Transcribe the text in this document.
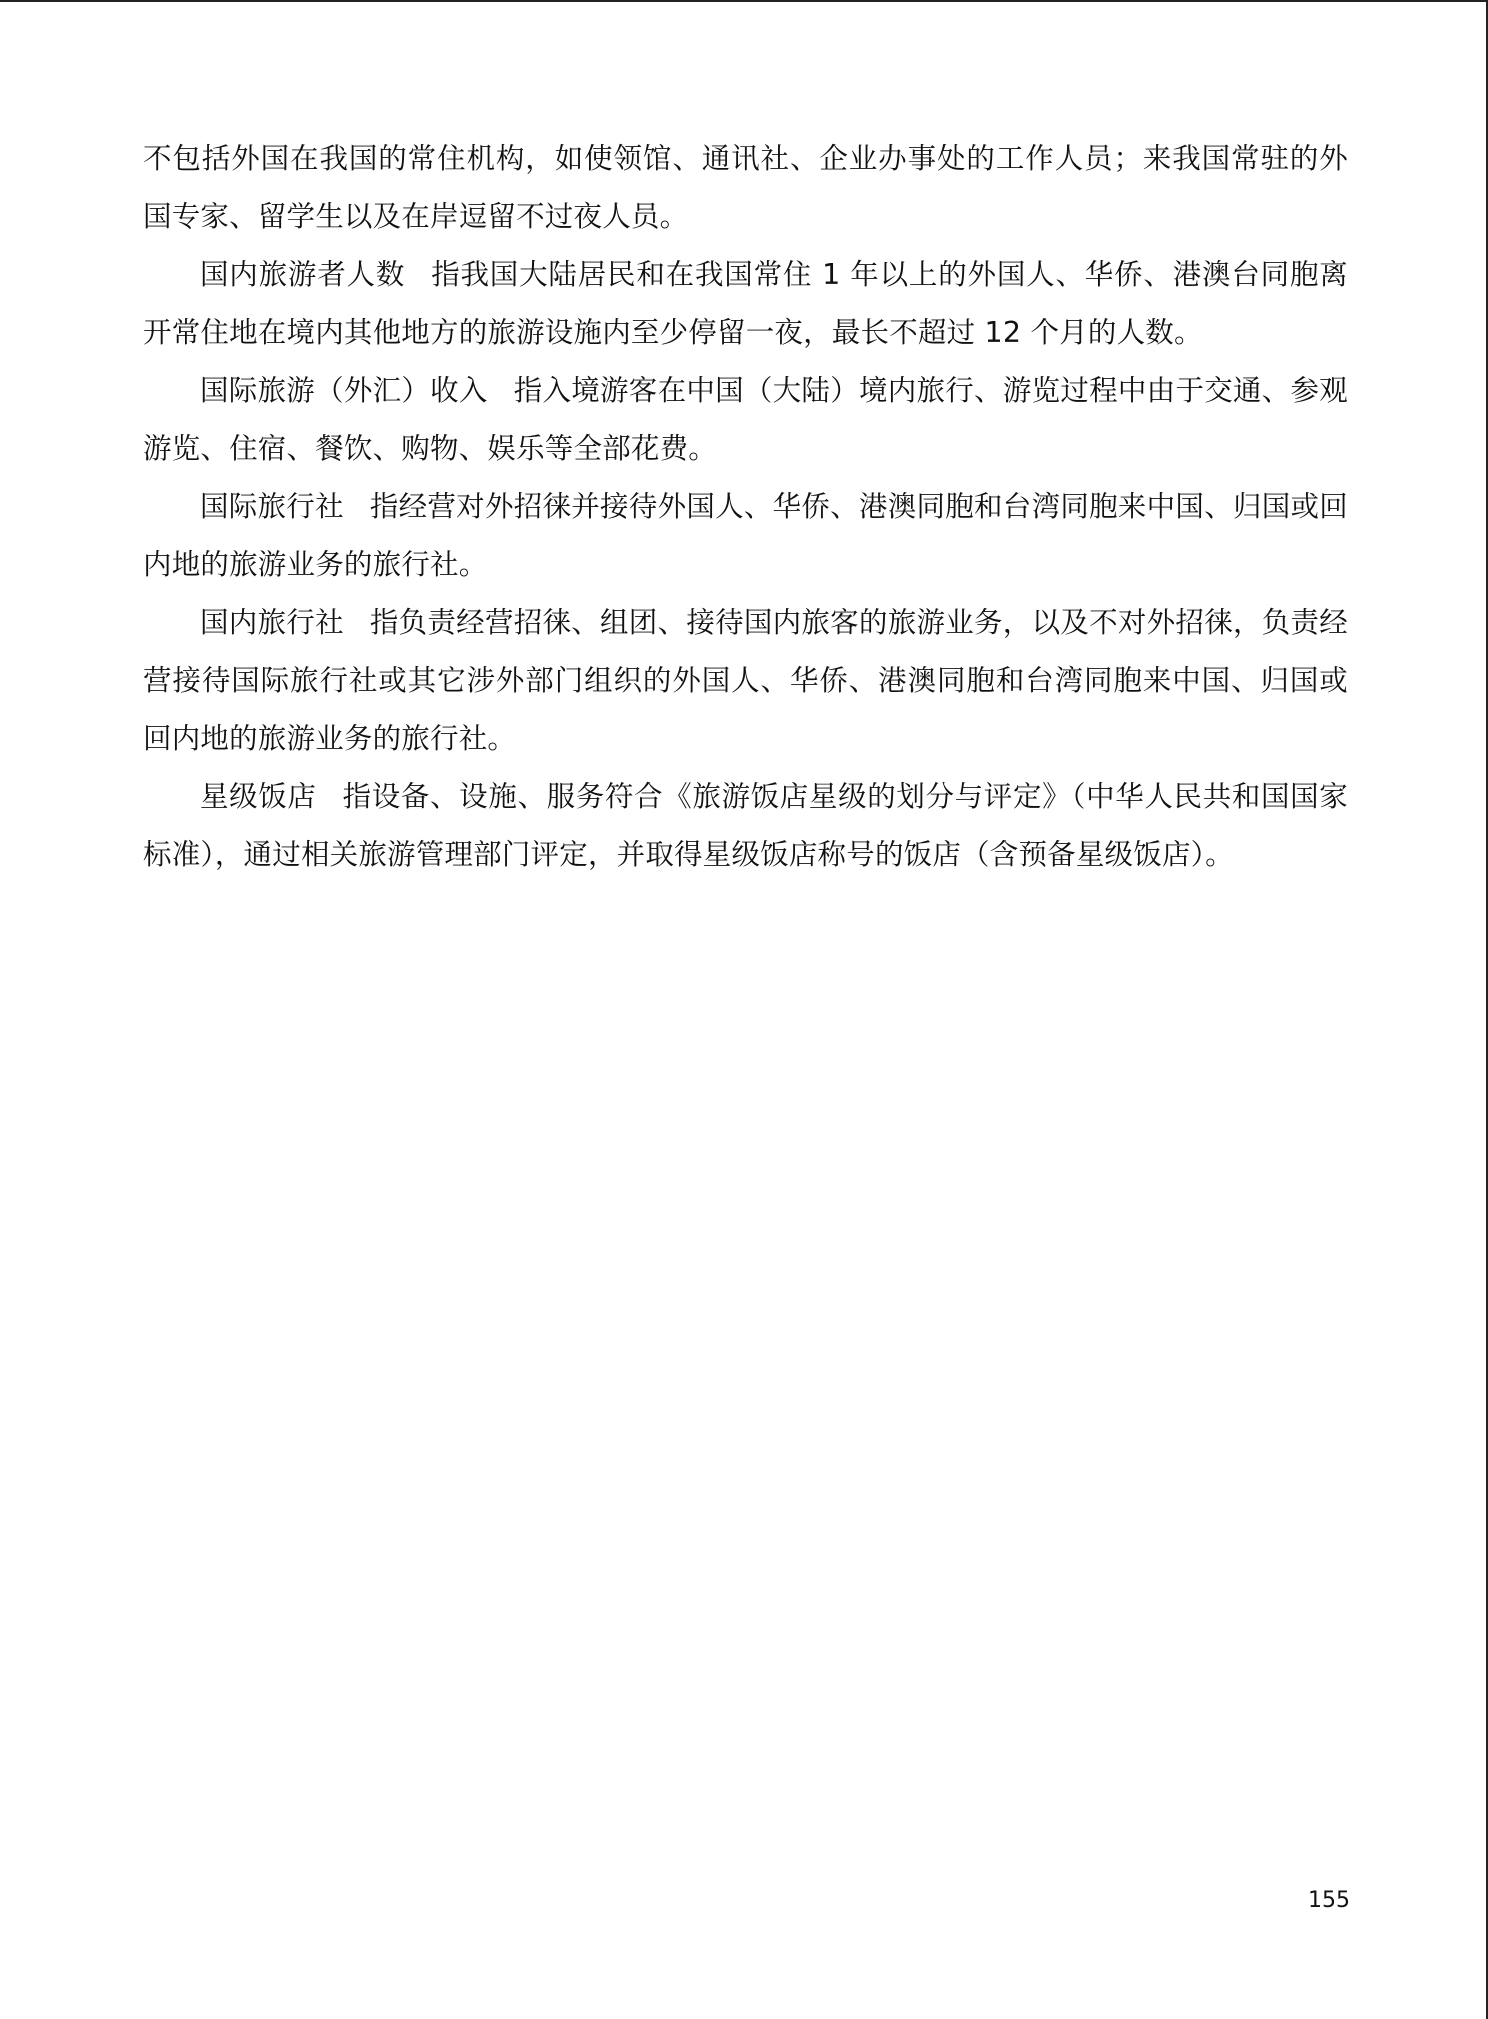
不包括外国在我国的常住机构，如使领馆、通讯社、企业办事处的工作人员；来我国常驻的外国专家、留学生以及在岸逗留不过夜人员。

国内旅游者人数 指我国大陆居民和在我国常住 1 年以上的外国人、华侨、港澳台同胞离开常住地在境内其他地方的旅游设施内至少停留一夜，最长不超过 12 个月的人数。

国际旅游（外汇）收入 指入境游客在中国（大陆）境内旅行、游览过程中由于交通、参观游览、住宿、餐饮、购物、娱乐等全部花费。

国际旅行社 指经营对外招徕并接待外国人、华侨、港澳同胞和台湾同胞来中国、归国或回内地的旅游业务的旅行社。

国内旅行社 指负责经营招徕、组团、接待国内旅客的旅游业务，以及不对外招徕，负责经营接待国际旅行社或其它涉外部门组织的外国人、华侨、港澳同胞和台湾同胞来中国、归国或回内地的旅游业务的旅行社。

星级饭店 指设备、设施、服务符合《旅游饭店星级的划分与评定》（中华人民共和国国家标准），通过相关旅游管理部门评定，并取得星级饭店称号的饭店（含预备星级饭店）。

155
